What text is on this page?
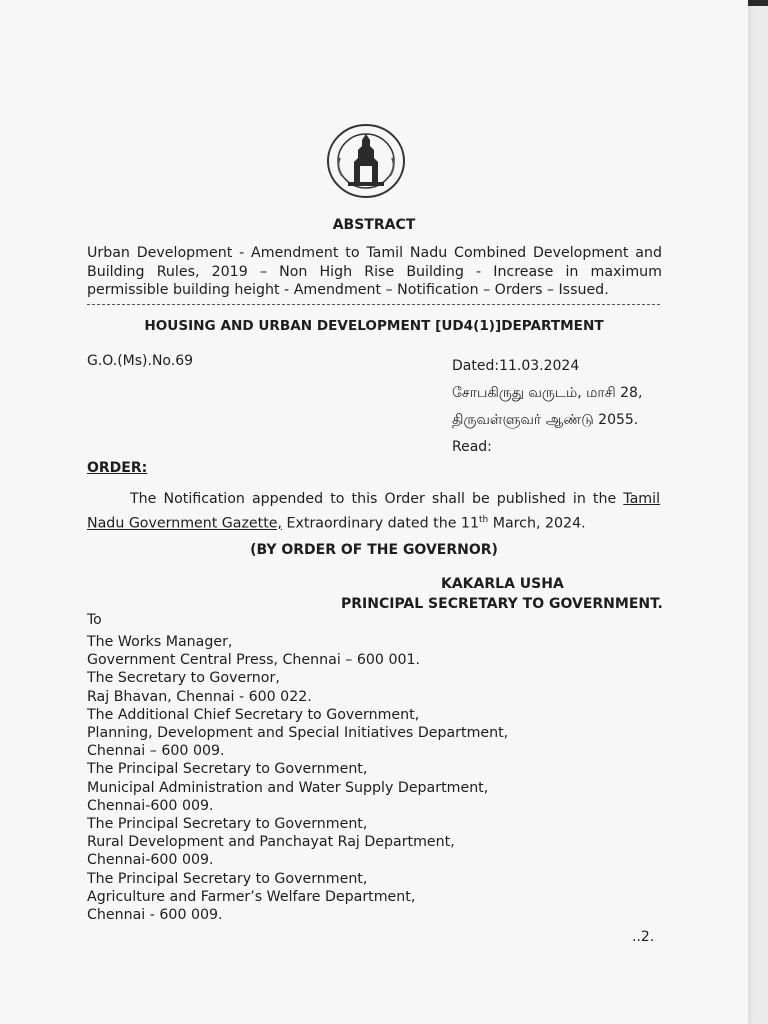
ABSTRACT
Urban Development - Amendment to Tamil Nadu Combined Development and Building Rules, 2019 – Non High Rise Building - Increase in maximum permissible building height - Amendment – Notification – Orders – Issued.
HOUSING AND URBAN DEVELOPMENT [UD4(1)]DEPARTMENT
G.O.(Ms).No.69	Dated:11.03.2024
சோபகிருது வருடம், மாசி 28,
திருவள்ளுவர் ஆண்டு 2055.
Read:
ORDER:
The Notification appended to this Order shall be published in the Tamil Nadu Government Gazette, Extraordinary dated the 11th March, 2024.
(BY ORDER OF THE GOVERNOR)
KAKARLA USHA
PRINCIPAL SECRETARY TO GOVERNMENT.
To
The Works Manager,
Government Central Press, Chennai – 600 001.
The Secretary to Governor,
Raj Bhavan, Chennai - 600 022.
The Additional Chief Secretary to Government,
Planning, Development and Special Initiatives Department,
Chennai – 600 009.
The Principal Secretary to Government,
Municipal Administration and Water Supply Department,
Chennai-600 009.
The Principal Secretary to Government,
Rural Development and Panchayat Raj Department,
Chennai-600 009.
The Principal Secretary to Government,
Agriculture and Farmer’s Welfare Department,
Chennai - 600 009.
..2.
